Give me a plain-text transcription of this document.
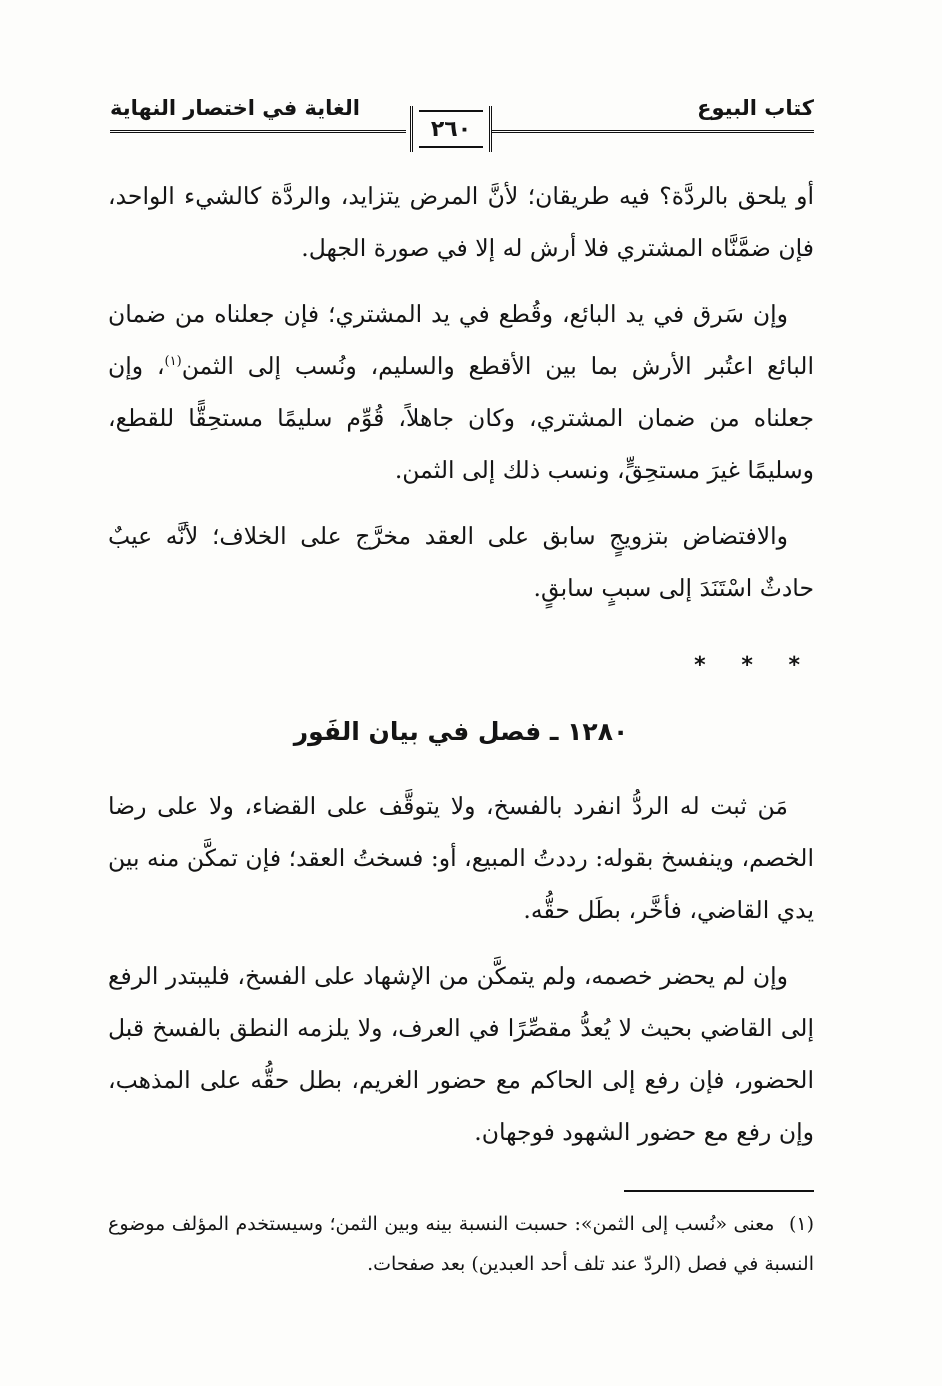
كتاب البيوع
٢٦٠
الغاية في اختصار النهاية

أو يلحق بالردَّة؟ فيه طريقان؛ لأنَّ المرض يتزايد، والردَّة كالشيء الواحد، فإن ضمَّنَّاه المشتري فلا أرش له إلا في صورة الجهل.

وإن سَرق في يد البائع، وقُطع في يد المشتري؛ فإن جعلناه من ضمان البائع اعتُبر الأرش بما بين الأقطع والسليم، ونُسب إلى الثمن$^{(١)}$، وإن جعلناه من ضمان المشتري، وكان جاهلاً، قُوِّم سليمًا مستحِقًّا للقطع، وسليمًا غيرَ مستحِقٍّ، ونسب ذلك إلى الثمن.

والافتضاض بتزويجٍ سابق على العقد مخرَّج على الخلاف؛ لأنَّه عيبٌ حادثٌ اسْتَنَدَ إلى سببٍ سابقٍ.

* * *
١٢٨٠ ـ فصل في بيان الفَور

مَن ثبت له الردُّ انفرد بالفسخ، ولا يتوقَّف على القضاء، ولا على رضا الخصم، وينفسخ بقوله: رددتُ المبيع، أو: فسختُ العقد؛ فإن تمكَّن منه بين يدي القاضي، فأخَّر، بطَل حقُّه.

وإن لم يحضر خصمه، ولم يتمكَّن من الإشهاد على الفسخ، فليبتدر الرفع إلى القاضي بحيث لا يُعدُّ مقصِّرًا في العرف، ولا يلزمه النطق بالفسخ قبل الحضور، فإن رفع إلى الحاكم مع حضور الغريم، بطل حقُّه على المذهب، وإن رفع مع حضور الشهود فوجهان.

(١) معنى «نُسب إلى الثمن»: حسبت النسبة بينه وبين الثمن؛ وسيستخدم المؤلف موضوع النسبة في فصل (الردّ عند تلف أحد العبدين) بعد صفحات.
